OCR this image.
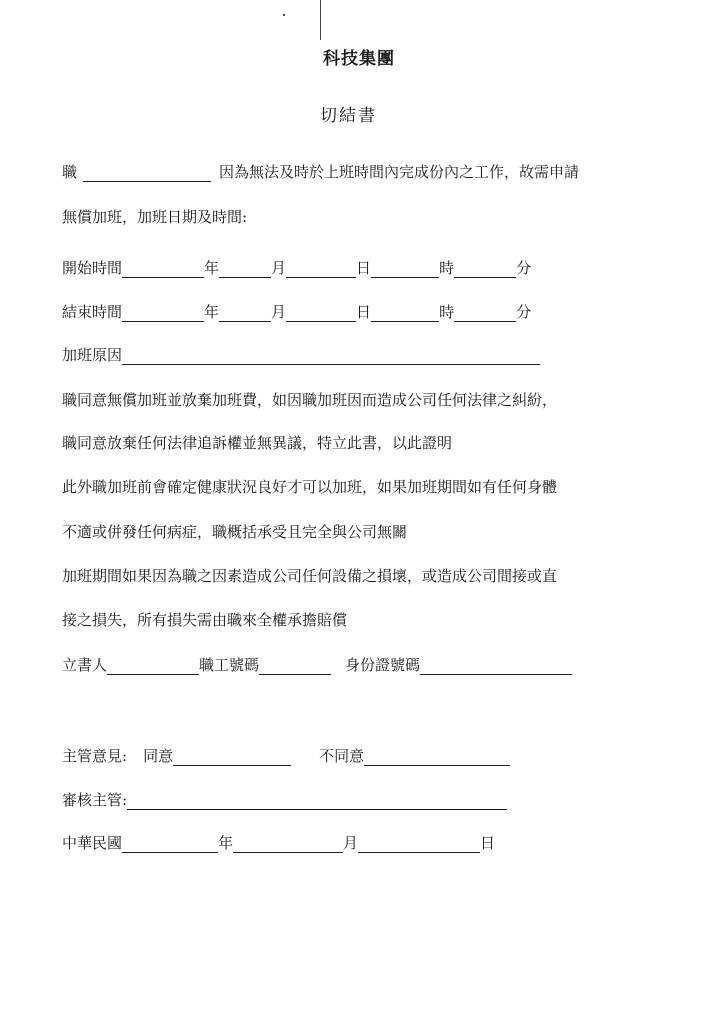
科技集團
切結書
職	因為無法及時於上班時間內完成份內之工作，故需申請
無償加班，加班日期及時間:
開始時間	年	月	日	時	分
結束時間	年	月	日	時	分
加班原因
職同意無償加班並放棄加班費，如因職加班因而造成公司任何法律之糾紛，
職同意放棄任何法律追訴權並無異議，特立此書，以此證明
此外職加班前會確定健康狀況良好才可以加班，如果加班期間如有任何身體
不適或併發任何病症，職概括承受且完全與公司無關
加班期間如果因為職之因素造成公司任何設備之損壞，或造成公司間接或直
接之損失，所有損失需由職來全權承擔賠償
立書人	職工號碼	身份證號碼
主管意見: 同意	不同意
審核主管:
中華民國	年	月	日
